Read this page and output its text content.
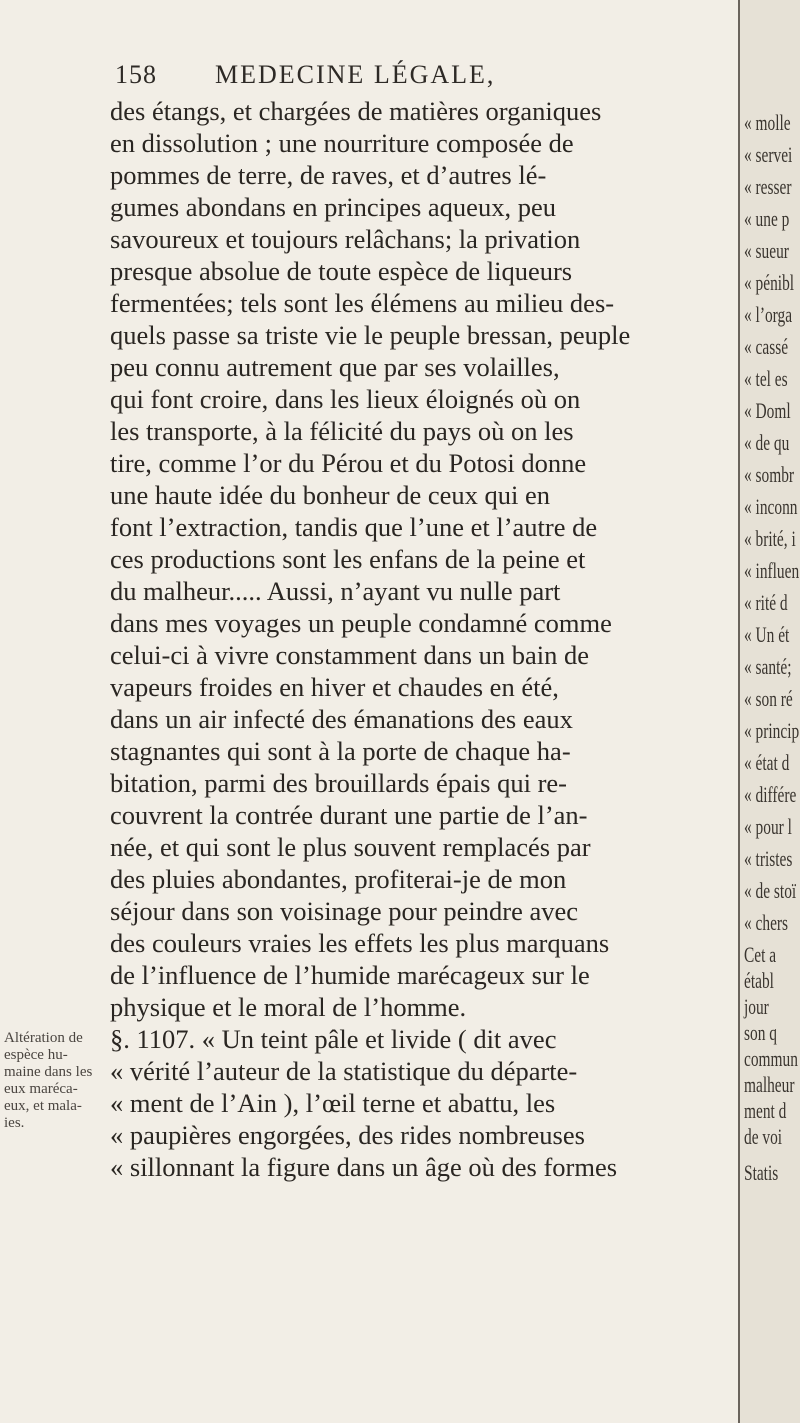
158 MEDECINE LÉGALE,
des étangs, et chargées de matières organiques
en dissolution ; une nourriture composée de
pommes de terre, de raves, et d’autres lé-
gumes abondans en principes aqueux, peu
savoureux et toujours relâchans; la privation
presque absolue de toute espèce de liqueurs
fermentées; tels sont les élémens au milieu des-
quels passe sa triste vie le peuple bressan, peuple
peu connu autrement que par ses volailles,
qui font croire, dans les lieux éloignés où on
les transporte, à la félicité du pays où on les
tire, comme l’or du Pérou et du Potosi donne
une haute idée du bonheur de ceux qui en
font l’extraction, tandis que l’une et l’autre de
ces productions sont les enfans de la peine et
du malheur..... Aussi, n’ayant vu nulle part
dans mes voyages un peuple condamné comme
celui-ci à vivre constamment dans un bain de
vapeurs froides en hiver et chaudes en été,
dans un air infecté des émanations des eaux
stagnantes qui sont à la porte de chaque ha-
bitation, parmi des brouillards épais qui re-
couvrent la contrée durant une partie de l’an-
née, et qui sont le plus souvent remplacés par
des pluies abondantes, profiterai-je de mon
séjour dans son voisinage pour peindre avec
des couleurs vraies les effets les plus marquans
de l’influence de l’humide marécageux sur le
physique et le moral de l’homme.
§. 1107. « Un teint pâle et livide ( dit avec
« vérité l’auteur de la statistique du départe-
« ment de l’Ain ), l’œil terne et abattu, les
« paupières engorgées, des rides nombreuses
« sillonnant la figure dans un âge où des formes
Altération de
espèce hu-
maine dans les
eux maréca-
eux, et mala-
ies.
« molle
« servei
« resser
« une p
« sueur
« pénibl
« l’orga
« cassé
« tel es
« Doml
« de qu
« sombr
« inconn
« brité, i
« influen
« rité d
« Un ét
« santé;
« son ré
« princip
« état d
« différe
« pour l
« tristes
« de stoï
« chers
Cet a
établ
jour
son q
commun
malheur
ment d
de voi
Statis
